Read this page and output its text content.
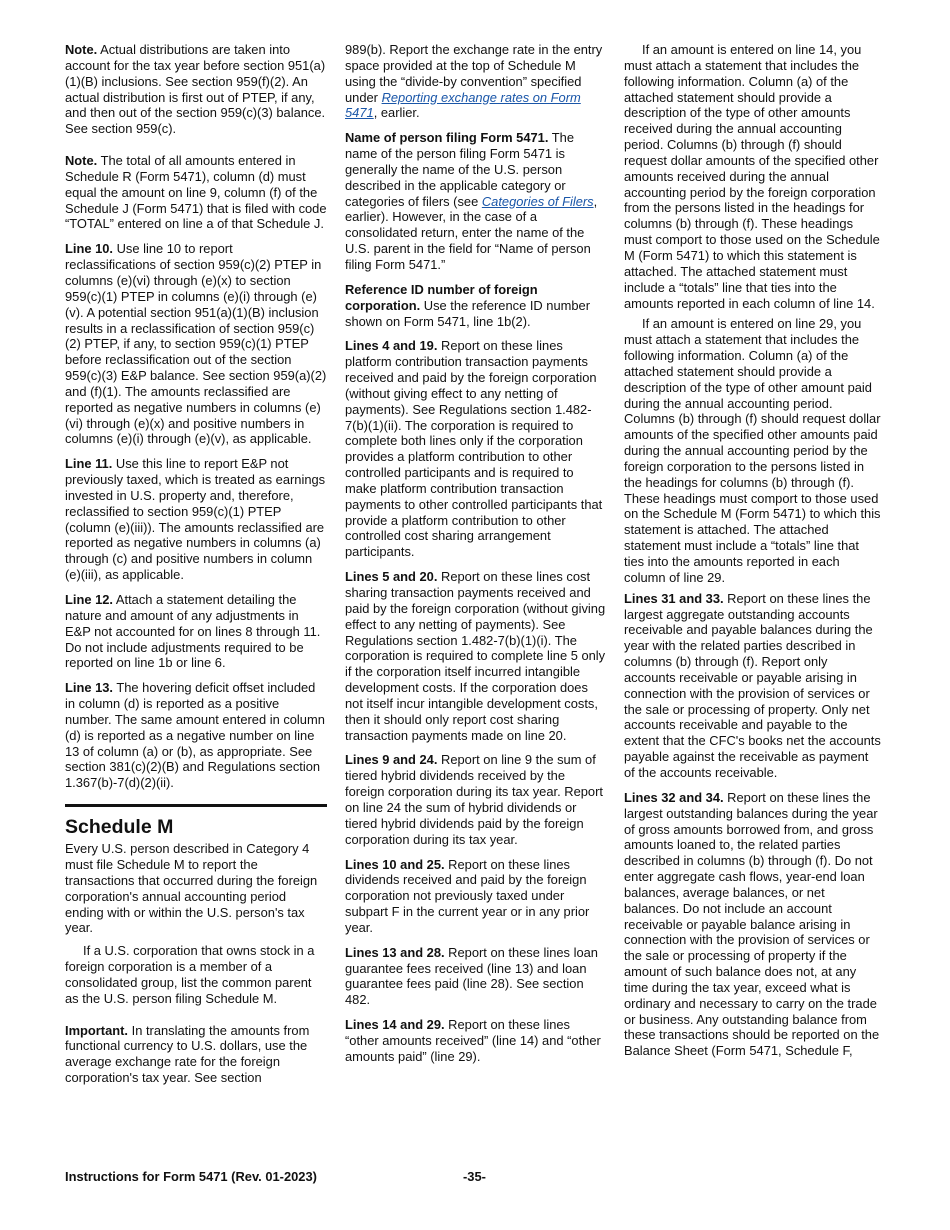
Note. Actual distributions are taken into account for the tax year before section 951(a)(1)(B) inclusions. See section 959(f)(2). An actual distribution is first out of PTEP, if any, and then out of the section 959(c)(3) balance. See section 959(c).

Note. The total of all amounts entered in Schedule R (Form 5471), column (d) must equal the amount on line 9, column (f) of the Schedule J (Form 5471) that is filed with code “TOTAL” entered on line a of that Schedule J.

Line 10. Use line 10 to report reclassifications of section 959(c)(2) PTEP in columns (e)(vi) through (e)(x) to section 959(c)(1) PTEP in columns (e)(i) through (e)(v). A potential section 951(a)(1)(B) inclusion results in a reclassification of section 959(c)(2) PTEP, if any, to section 959(c)(1) PTEP before reclassification out of the section 959(c)(3) E&P balance. See section 959(a)(2) and (f)(1). The amounts reclassified are reported as negative numbers in columns (e)(vi) through (e)(x) and positive numbers in columns (e)(i) through (e)(v), as applicable.

Line 11. Use this line to report E&P not previously taxed, which is treated as earnings invested in U.S. property and, therefore, reclassified to section 959(c)(1) PTEP (column (e)(iii)). The amounts reclassified are reported as negative numbers in columns (a) through (c) and positive numbers in column (e)(iii), as applicable.

Line 12. Attach a statement detailing the nature and amount of any adjustments in E&P not accounted for on lines 8 through 11. Do not include adjustments required to be reported on line 1b or line 6.

Line 13. The hovering deficit offset included in column (d) is reported as a positive number. The same amount entered in column (d) is reported as a negative number on line 13 of column (a) or (b), as appropriate. See section 381(c)(2)(B) and Regulations section 1.367(b)-7(d)(2)(ii).

Schedule M

Every U.S. person described in Category 4 must file Schedule M to report the transactions that occurred during the foreign corporation's annual accounting period ending with or within the U.S. person's tax year.

If a U.S. corporation that owns stock in a foreign corporation is a member of a consolidated group, list the common parent as the U.S. person filing Schedule M.

Important. In translating the amounts from functional currency to U.S. dollars, use the average exchange rate for the foreign corporation's tax year. See section

989(b). Report the exchange rate in the entry space provided at the top of Schedule M using the “divide-by convention” specified under Reporting exchange rates on Form 5471, earlier.

Name of person filing Form 5471. The name of the person filing Form 5471 is generally the name of the U.S. person described in the applicable category or categories of filers (see Categories of Filers, earlier). However, in the case of a consolidated return, enter the name of the U.S. parent in the field for “Name of person filing Form 5471.”

Reference ID number of foreign corporation. Use the reference ID number shown on Form 5471, line 1b(2).

Lines 4 and 19. Report on these lines platform contribution transaction payments received and paid by the foreign corporation (without giving effect to any netting of payments). See Regulations section 1.482-7(b)(1)(ii). The corporation is required to complete both lines only if the corporation provides a platform contribution to other controlled participants and is required to make platform contribution transaction payments to other controlled participants that provide a platform contribution to other controlled cost sharing arrangement participants.

Lines 5 and 20. Report on these lines cost sharing transaction payments received and paid by the foreign corporation (without giving effect to any netting of payments). See Regulations section 1.482-7(b)(1)(i). The corporation is required to complete line 5 only if the corporation itself incurred intangible development costs. If the corporation does not itself incur intangible development costs, then it should only report cost sharing transaction payments made on line 20.

Lines 9 and 24. Report on line 9 the sum of tiered hybrid dividends received by the foreign corporation during its tax year. Report on line 24 the sum of hybrid dividends or tiered hybrid dividends paid by the foreign corporation during its tax year.

Lines 10 and 25. Report on these lines dividends received and paid by the foreign corporation not previously taxed under subpart F in the current year or in any prior year.

Lines 13 and 28. Report on these lines loan guarantee fees received (line 13) and loan guarantee fees paid (line 28). See section 482.

Lines 14 and 29. Report on these lines “other amounts received” (line 14) and “other amounts paid” (line 29).

If an amount is entered on line 14, you must attach a statement that includes the following information. Column (a) of the attached statement should provide a description of the type of other amounts received during the annual accounting period. Columns (b) through (f) should request dollar amounts of the specified other amounts received during the annual accounting period by the foreign corporation from the persons listed in the headings for columns (b) through (f). These headings must comport to those used on the Schedule M (Form 5471) to which this statement is attached. The attached statement must include a “totals” line that ties into the amounts reported in each column of line 14.

If an amount is entered on line 29, you must attach a statement that includes the following information. Column (a) of the attached statement should provide a description of the type of other amount paid during the annual accounting period. Columns (b) through (f) should request dollar amounts of the specified other amounts paid during the annual accounting period by the foreign corporation to the persons listed in the headings for columns (b) through (f). These headings must comport to those used on the Schedule M (Form 5471) to which this statement is attached. The attached statement must include a “totals” line that ties into the amounts reported in each column of line 29.

Lines 31 and 33. Report on these lines the largest aggregate outstanding accounts receivable and payable balances during the year with the related parties described in columns (b) through (f). Report only accounts receivable or payable arising in connection with the provision of services or the sale or processing of property. Only net accounts receivable and payable to the extent that the CFC's books net the accounts payable against the receivable as payment of the accounts receivable.

Lines 32 and 34. Report on these lines the largest outstanding balances during the year of gross amounts borrowed from, and gross amounts loaned to, the related parties described in columns (b) through (f). Do not enter aggregate cash flows, year-end loan balances, average balances, or net balances. Do not include an account receivable or payable balance arising in connection with the provision of services or the sale or processing of property if the amount of such balance does not, at any time during the tax year, exceed what is ordinary and necessary to carry on the trade or business. Any outstanding balance from these transactions should be reported on the Balance Sheet (Form 5471, Schedule F,

Instructions for Form 5471 (Rev. 01-2023)	-35-
